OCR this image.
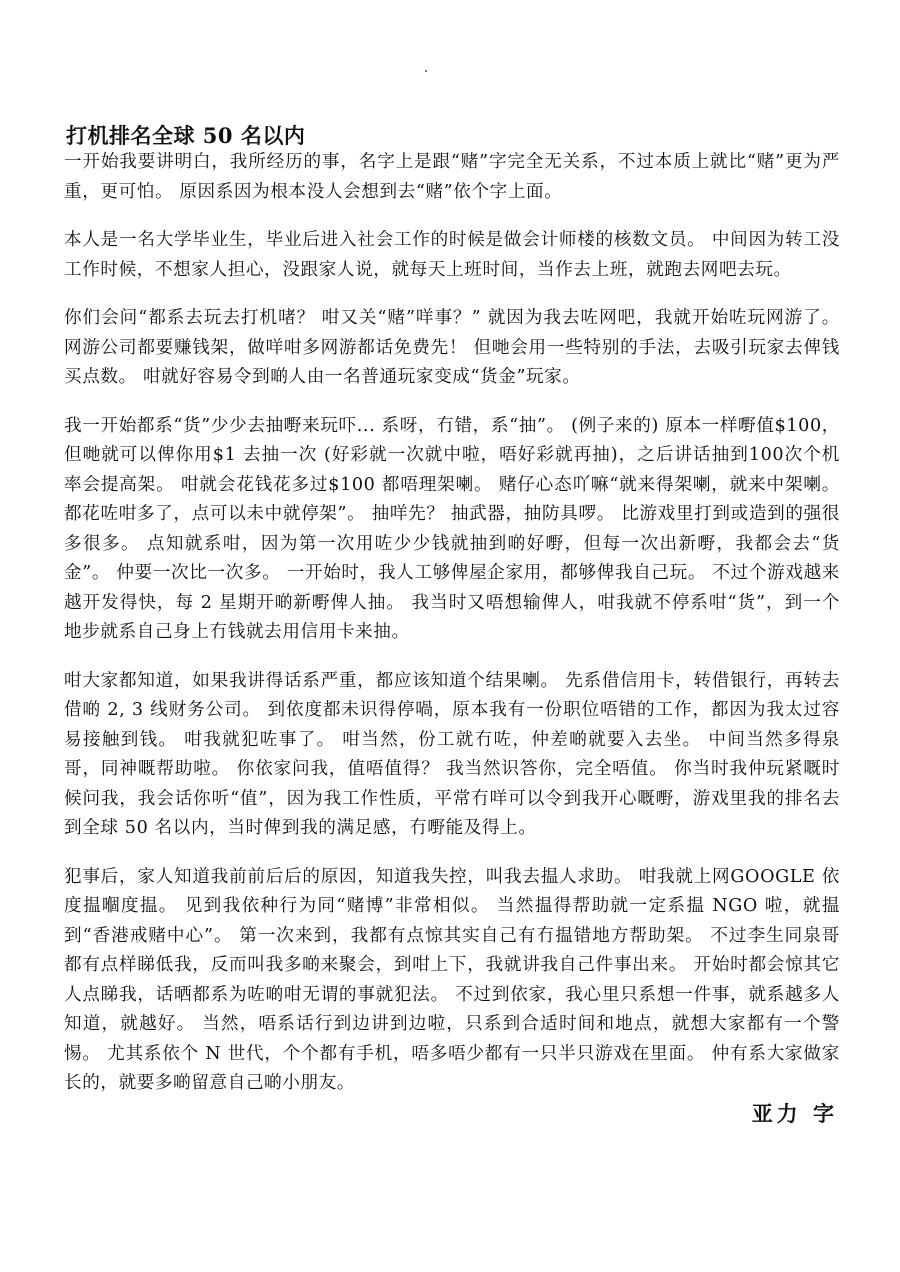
打机排名全球 50 名以内

一开始我要讲明白，我所经历的事，名字上是跟“赌”字完全无关系，不过本质上就比“赌”更为严重，更可怕。 原因系因为根本没人会想到去“赌”依个字上面。

本人是一名大学毕业生，毕业后进入社会工作的时候是做会计师楼的核数文员。 中间因为转工没工作时候，不想家人担心，没跟家人说，就每天上班时间，当作去上班，就跑去网吧去玩。

你们会问“都系去玩去打机啫？ 咁又关“赌”咩事？” 就因为我去咗网吧，我就开始咗玩网游了。 网游公司都要赚钱架，做咩咁多网游都话免费先！ 但哋会用一些特别的手法，去吸引玩家去俾钱买点数。 咁就好容易令到啲人由一名普通玩家变成“货金”玩家。

我一开始都系“货”少少去抽嘢来玩吓... 系呀，冇错，系“抽”。 (例子来的) 原本一样嘢值$100，但哋就可以俾你用$1 去抽一次 (好彩就一次就中啦，唔好彩就再抽)，之后讲话抽到100次个机率会提高架。 咁就会花钱花多过$100 都唔理架喇。 赌仔心态吖嘛“就来得架喇，就来中架喇。 都花咗咁多了，点可以未中就停架”。 抽咩先？ 抽武器，抽防具啰。 比游戏里打到或造到的强很多很多。 点知就系咁，因为第一次用咗少少钱就抽到啲好嘢，但每一次出新嘢，我都会去“货金”。 仲要一次比一次多。 一开始时，我人工够俾屋企家用，都够俾我自己玩。 不过个游戏越来越开发得快，每 2 星期开啲新嘢俾人抽。 我当时又唔想输俾人，咁我就不停系咁“货”，到一个地步就系自己身上冇钱就去用信用卡来抽。

咁大家都知道，如果我讲得话系严重，都应该知道个结果喇。 先系借信用卡，转借银行，再转去借啲 2, 3 线财务公司。 到依度都未识得停喎，原本我有一份职位唔错的工作，都因为我太过容易接触到钱。 咁我就犯咗事了。 咁当然，份工就冇咗，仲差啲就要入去坐。 中间当然多得泉哥，同神嘅帮助啦。 你依家问我，值唔值得？ 我当然识答你，完全唔值。 你当时我仲玩紧嘅时候问我，我会话你听“值”，因为我工作性质，平常冇咩可以令到我开心嘅嘢，游戏里我的排名去到全球 50 名以内，当时俾到我的满足感，冇嘢能及得上。

犯事后，家人知道我前前后后的原因，知道我失控，叫我去揾人求助。 咁我就上网GOOGLE 依度揾嗰度揾。 见到我依种行为同“赌博”非常相似。 当然揾得帮助就一定系揾 NGO 啦，就揾到“香港戒赌中心”。 第一次来到，我都有点惊其实自己有冇揾错地方帮助架。 不过李生同泉哥都有点样睇低我，反而叫我多啲来聚会，到咁上下，我就讲我自己件事出来。 开始时都会惊其它人点睇我，话晒都系为咗啲咁无谓的事就犯法。 不过到依家，我心里只系想一件事，就系越多人知道，就越好。 当然，唔系话行到边讲到边啦，只系到合适时间和地点，就想大家都有一个警惕。 尤其系依个 N 世代，个个都有手机，唔多唔少都有一只半只游戏在里面。 仲有系大家做家长的，就要多啲留意自己啲小朋友。

亚力 字
